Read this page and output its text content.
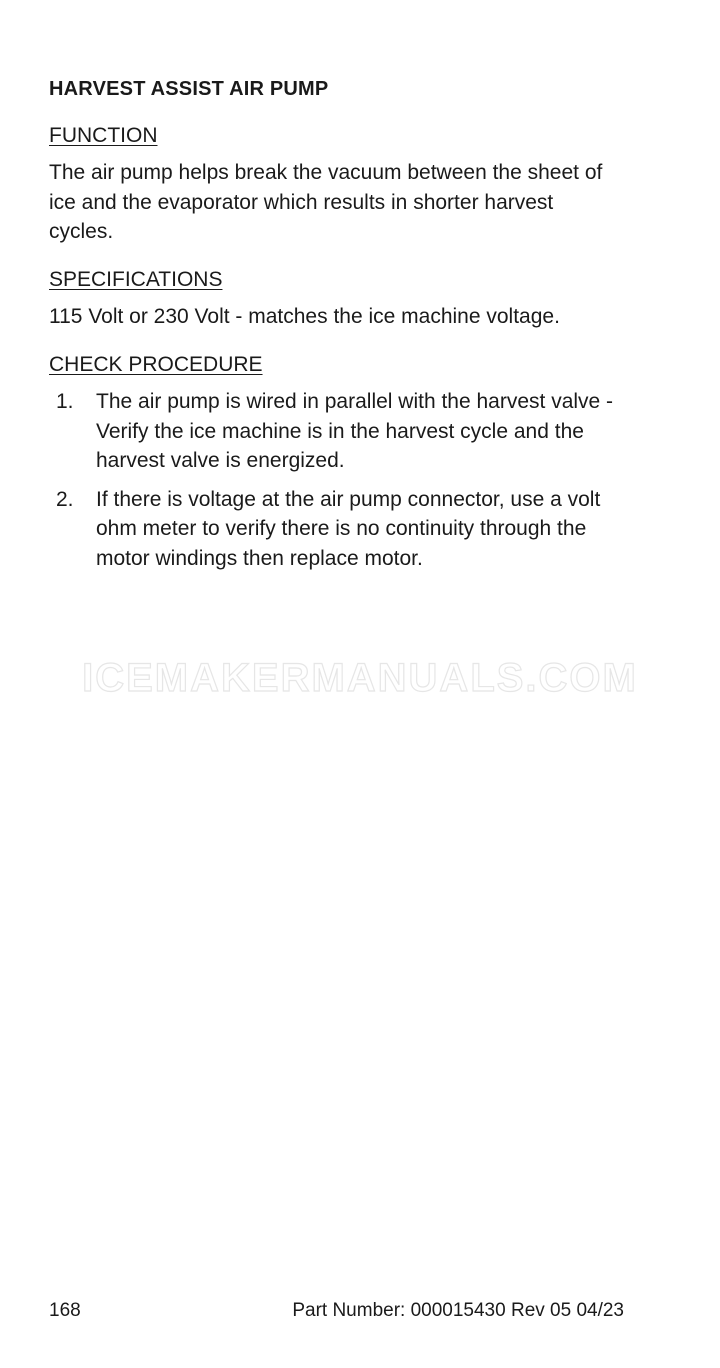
HARVEST ASSIST AIR PUMP
FUNCTION
The air pump helps break the vacuum between the sheet of ice and the evaporator which results in shorter harvest cycles.
SPECIFICATIONS
115 Volt or 230 Volt - matches the ice machine voltage.
CHECK PROCEDURE
1. The air pump is wired in parallel with the harvest valve - Verify the ice machine is in the harvest cycle and the harvest valve is energized.
2. If there is voltage at the air pump connector, use a volt ohm meter to verify there is no continuity through the motor windings then replace motor.
ICEMAKERMANUALS.COM
168	Part Number: 000015430 Rev 05 04/23
